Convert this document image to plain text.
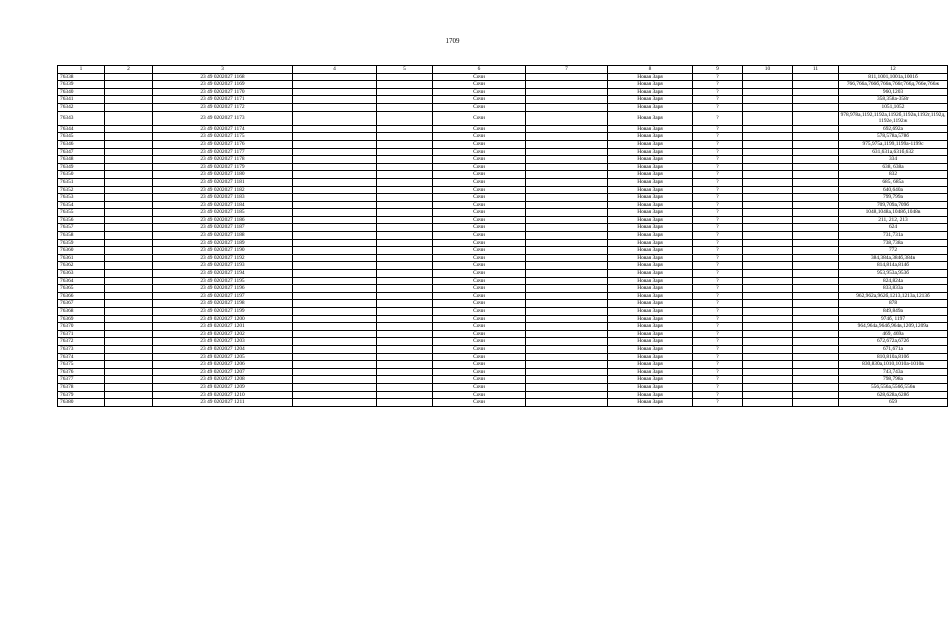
1709
1	2	3	4	5	6	7	8	9	10	11	12
76338		23 49 0202027 1168			Сочи		Новая Заря	?			811,1001,1001а,1001б
76339		23 49 0202027 1169			Сочи		Новая Заря	?			766,766а,766б,766в,766г,766д,766е,766ж
76340		23 49 0202027 1170			Сочи		Новая Заря	?			960,1203
76341		23 49 0202027 1171			Сочи		Новая Заря	?			358,358а-358г
76342		23 49 0202027 1172			Сочи		Новая Заря	?			1051,1052
76343		23 49 0202027 1173			Сочи		Новая Заря	?			978,978а,1192,1192а,1192б,1192в,1192г,1192д,1192е,1192ж
76344		23 49 0202027 1174			Сочи		Новая Заря	?			692,692а
76345		23 49 0202027 1175			Сочи		Новая Заря	?			578,578а,578б
76346		23 49 0202027 1176			Сочи		Новая Заря	?			975,975а,1199,1199а-1199с
76347		23 49 0202027 1177			Сочи		Новая Заря	?			631,631а,631б,632
76348		23 49 0202027 1178			Сочи		Новая Заря	?			334
76349		23 49 0202027 1179			Сочи		Новая Заря	?			638, 638а
76350		23 49 0202027 1180			Сочи		Новая Заря	?			832
76351		23 49 0202027 1181			Сочи		Новая Заря	?			685, 685а
76352		23 49 0202027 1182			Сочи		Новая Заря	?			640,640а
76353		23 49 0202027 1183			Сочи		Новая Заря	?			799,799а
76354		23 49 0202027 1184			Сочи		Новая Заря	?			709,709а,709б
76355		23 49 0202027 1185			Сочи		Новая Заря	?			1048,1048а,1048б,1048в
76356		23 49 0202027 1186			Сочи		Новая Заря	?			211, 212, 213
76357		23 49 0202027 1187			Сочи		Новая Заря	?			624
76358		23 49 0202027 1188			Сочи		Новая Заря	?			731,731а
76359		23 49 0202027 1189			Сочи		Новая Заря	?			738,738а
76360		23 49 0202027 1190			Сочи		Новая Заря	?			772
76361		23 49 0202027 1192			Сочи		Новая Заря	?			384,384а,384б,384в
76362		23 49 0202027 1193			Сочи		Новая Заря	?			814,814а,814б
76363		23 49 0202027 1194			Сочи		Новая Заря	?			953,953а,953б
76364		23 49 0202027 1195			Сочи		Новая Заря	?			824,824а
76365		23 49 0202027 1196			Сочи		Новая Заря	?			833,833а
76366		23 49 0202027 1197			Сочи		Новая Заря	?			962,962а,962б,1213,1213а,1213б
76367		23 49 0202027 1198			Сочи		Новая Заря	?			878
76368		23 49 0202027 1199			Сочи		Новая Заря	?			849,849а
76369		23 49 0202027 1200			Сочи		Новая Заря	?			974б, 1197
76370		23 49 0202027 1201			Сочи		Новая Заря	?			964,964а,964б,964в,1209,1209а
76371		23 49 0202027 1202			Сочи		Новая Заря	?			469, 469а
76372		23 49 0202027 1203			Сочи		Новая Заря	?			672,672а,672б
76373		23 49 0202027 1204			Сочи		Новая Заря	?			671,671а
76374		23 49 0202027 1205			Сочи		Новая Заря	?			810,810а,810б
76375		23 49 0202027 1206			Сочи		Новая Заря	?			830,830а,1010,1010а-1010в
76376		23 49 0202027 1207			Сочи		Новая Заря	?			743,743а
76377		23 49 0202027 1208			Сочи		Новая Заря	?			798,798а
76378		23 49 0202027 1209			Сочи		Новая Заря	?			556,556а,556б,556в
76379		23 49 0202027 1210			Сочи		Новая Заря	?			628,628а,628б
76380		23 49 0202027 1211			Сочи		Новая Заря	?			659
